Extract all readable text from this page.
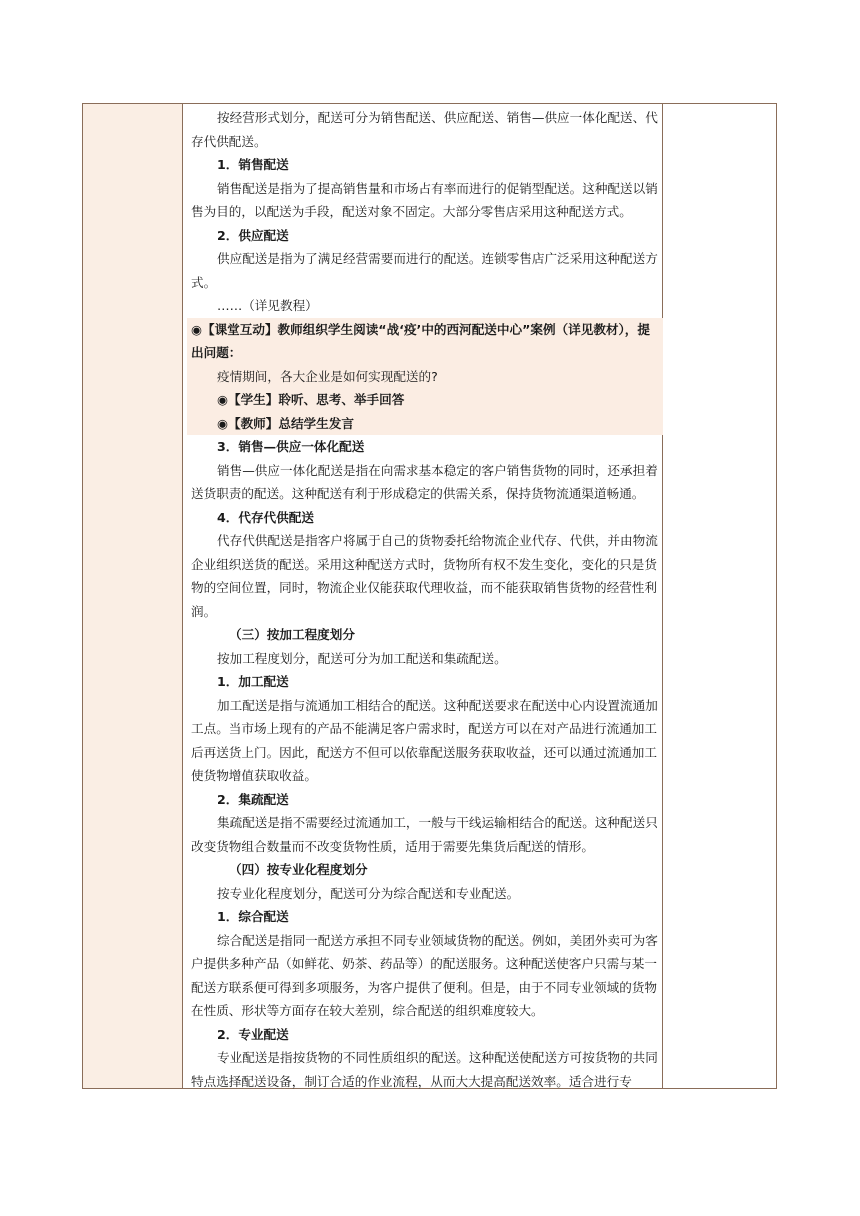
按经营形式划分，配送可分为销售配送、供应配送、销售—供应一体化配送、代存代供配送。

1．销售配送

销售配送是指为了提高销售量和市场占有率而进行的促销型配送。这种配送以销售为目的，以配送为手段，配送对象不固定。大部分零售店采用这种配送方式。

2．供应配送

供应配送是指为了满足经营需要而进行的配送。连锁零售店广泛采用这种配送方式。

……（详见教程）

◉【课堂互动】教师组织学生阅读“战‘疫’中的西河配送中心”案例（详见教材），提出问题：

疫情期间，各大企业是如何实现配送的?

◉【学生】聆听、思考、举手回答

◉【教师】总结学生发言

3．销售—供应一体化配送

销售—供应一体化配送是指在向需求基本稳定的客户销售货物的同时，还承担着送货职责的配送。这种配送有利于形成稳定的供需关系，保持货物流通渠道畅通。

4．代存代供配送

代存代供配送是指客户将属于自己的货物委托给物流企业代存、代供，并由物流企业组织送货的配送。采用这种配送方式时，货物所有权不发生变化，变化的只是货物的空间位置，同时，物流企业仅能获取代理收益，而不能获取销售货物的经营性利润。

（三）按加工程度划分

按加工程度划分，配送可分为加工配送和集疏配送。

1．加工配送

加工配送是指与流通加工相结合的配送。这种配送要求在配送中心内设置流通加工点。当市场上现有的产品不能满足客户需求时，配送方可以在对产品进行流通加工后再送货上门。因此，配送方不但可以依靠配送服务获取收益，还可以通过流通加工使货物增值获取收益。

2．集疏配送

集疏配送是指不需要经过流通加工，一般与干线运输相结合的配送。这种配送只改变货物组合数量而不改变货物性质，适用于需要先集货后配送的情形。

（四）按专业化程度划分

按专业化程度划分，配送可分为综合配送和专业配送。

1．综合配送

综合配送是指同一配送方承担不同专业领域货物的配送。例如，美团外卖可为客户提供多种产品（如鲜花、奶茶、药品等）的配送服务。这种配送使客户只需与某一配送方联系便可得到多项服务，为客户提供了便利。但是，由于不同专业领域的货物在性质、形状等方面存在较大差别，综合配送的组织难度较大。

2．专业配送

专业配送是指按货物的不同性质组织的配送。这种配送使配送方可按货物的共同特点选择配送设备，制订合适的作业流程，从而大大提高配送效率。适合进行专
